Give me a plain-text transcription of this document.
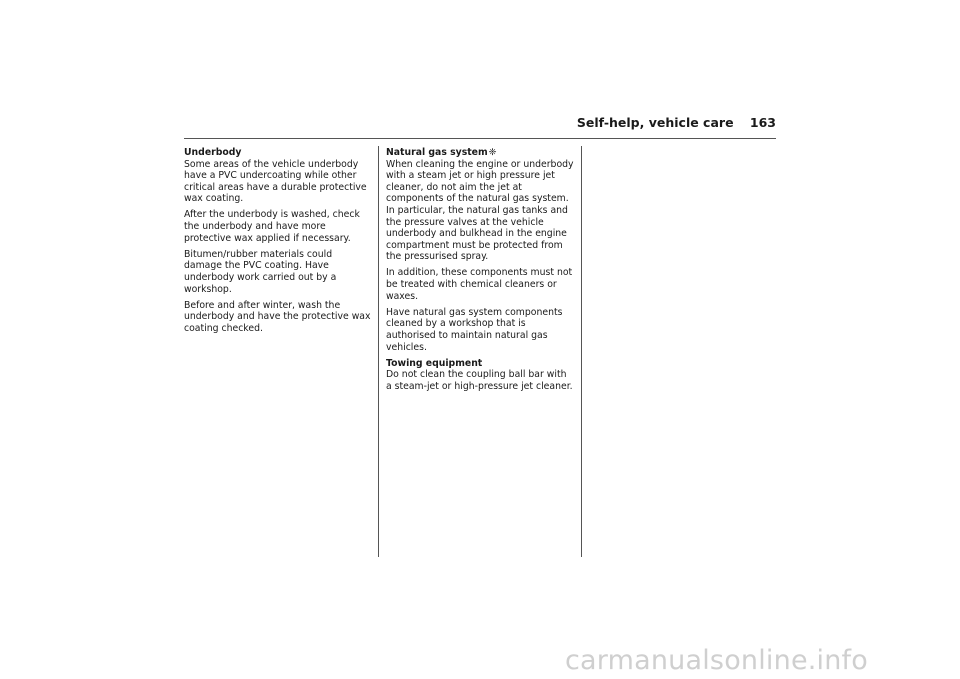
Self-help, vehicle care 163
Underbody

Some areas of the vehicle underbody have a PVC undercoating while other critical areas have a durable protective wax coating.

After the underbody is washed, check the underbody and have more protective wax applied if necessary.

Bitumen/rubber materials could damage the PVC coating. Have underbody work carried out by a workshop.

Before and after winter, wash the underbody and have the protective wax coating checked.

Natural gas system❈

When cleaning the engine or underbody with a steam jet or high pressure jet cleaner, do not aim the jet at components of the natural gas system. In particular, the natural gas tanks and the pressure valves at the vehicle underbody and bulkhead in the engine compartment must be protected from the pressurised spray.

In addition, these components must not be treated with chemical cleaners or waxes.

Have natural gas system components cleaned by a workshop that is authorised to maintain natural gas vehicles.

Towing equipment

Do not clean the coupling ball bar with a steam-jet or high-pressure jet cleaner.

carmanualsonline.info
